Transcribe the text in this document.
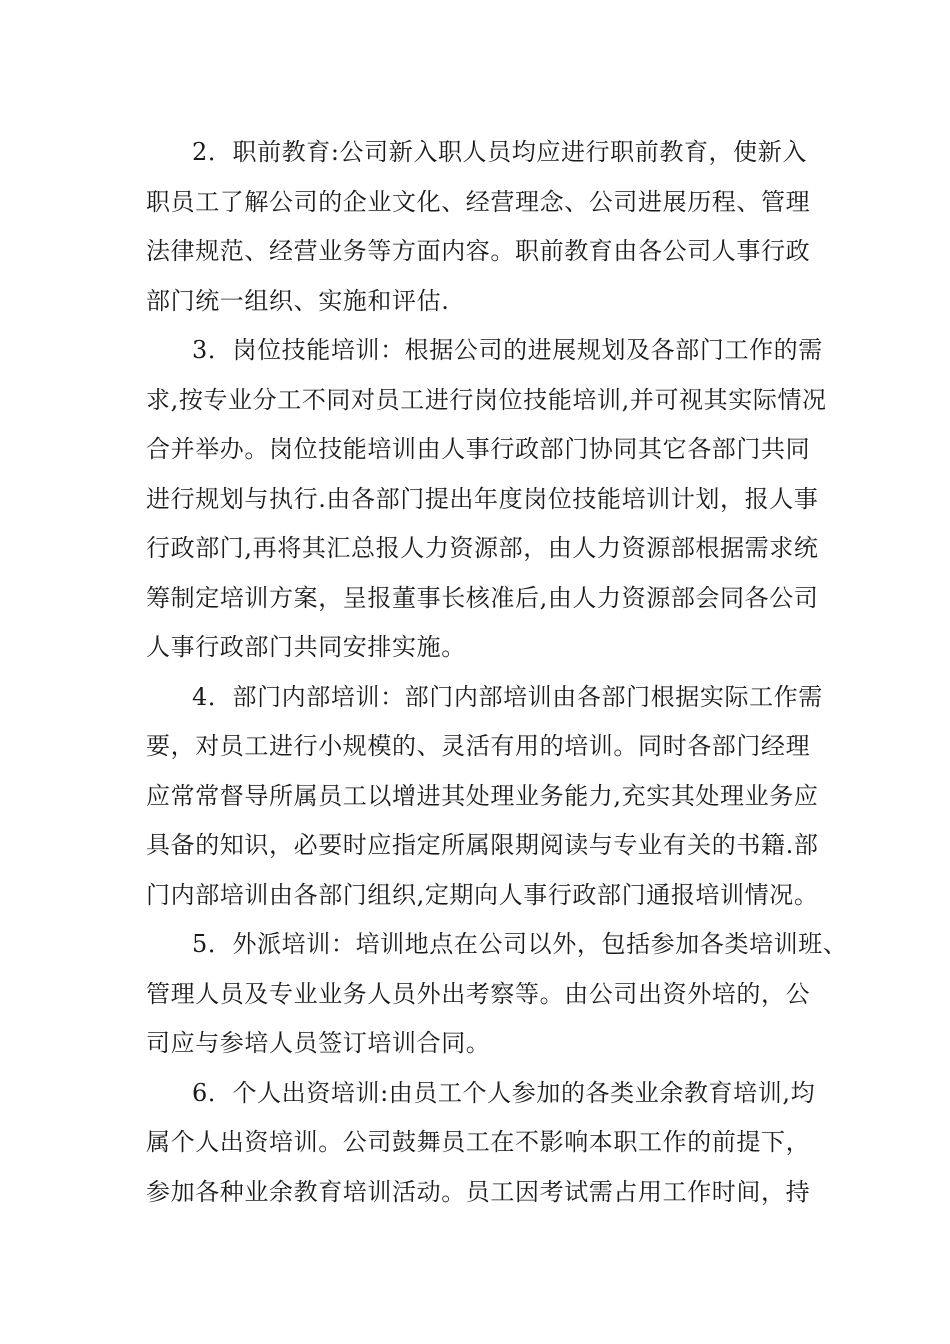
2．职前教育:公司新入职人员均应进行职前教育，使新入
职员工了解公司的企业文化、经营理念、公司进展历程、管理
法律规范、经营业务等方面内容。职前教育由各公司人事行政
部门统一组织、实施和评估.

3．岗位技能培训：根据公司的进展规划及各部门工作的需
求,按专业分工不同对员工进行岗位技能培训,并可视其实际情况
合并举办。岗位技能培训由人事行政部门协同其它各部门共同
进行规划与执行.由各部门提出年度岗位技能培训计划，报人事
行政部门,再将其汇总报人力资源部，由人力资源部根据需求统
筹制定培训方案，呈报董事长核准后,由人力资源部会同各公司
人事行政部门共同安排实施。

4．部门内部培训：部门内部培训由各部门根据实际工作需
要，对员工进行小规模的、灵活有用的培训。同时各部门经理
应常常督导所属员工以增进其处理业务能力,充实其处理业务应
具备的知识，必要时应指定所属限期阅读与专业有关的书籍.部
门内部培训由各部门组织,定期向人事行政部门通报培训情况。

5．外派培训：培训地点在公司以外，包括参加各类培训班、
管理人员及专业业务人员外出考察等。由公司出资外培的，公
司应与参培人员签订培训合同。

6．个人出资培训:由员工个人参加的各类业余教育培训,均
属个人出资培训。公司鼓舞员工在不影响本职工作的前提下，
参加各种业余教育培训活动。员工因考试需占用工作时间，持
